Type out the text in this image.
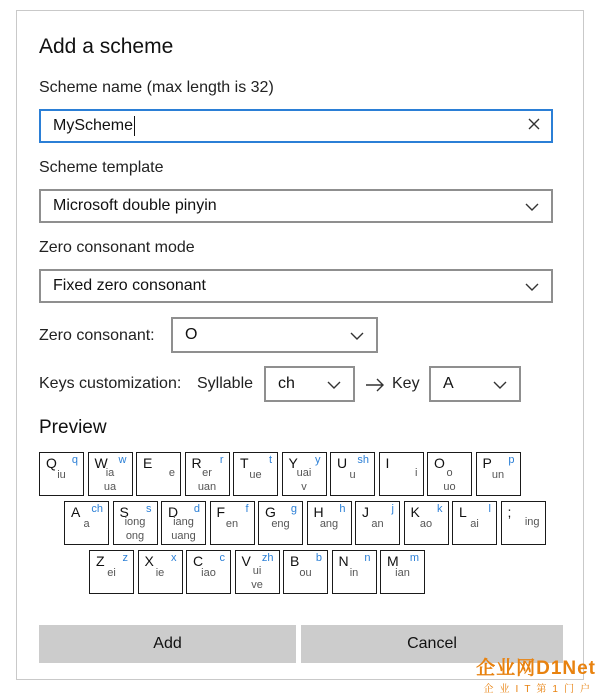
Add a scheme
Scheme name (max length is 32)
MyScheme
Scheme template
Microsoft double pinyin
Zero consonant mode
Fixed zero consonant
Zero consonant:	O
Keys customization: Syllable	ch	Key	A
Preview
Q q
iu
W w
ia
ua
E
e
R r
er
uan
T t
ue
Y y
uai
v
U sh
u
I
i
O
o
uo
P p
un
A ch
a
S s
iong
ong
D d
iang
uang
F f
en
G g
eng
H h
ang
J j
an
K k
ao
L l
ai
;
ing
Z z
ei
X x
ie
C c
iao
V zh
ui
ve
B b
ou
N n
in
M m
ian
Add	Cancel
企业网D1Net
企业IT第1门户
